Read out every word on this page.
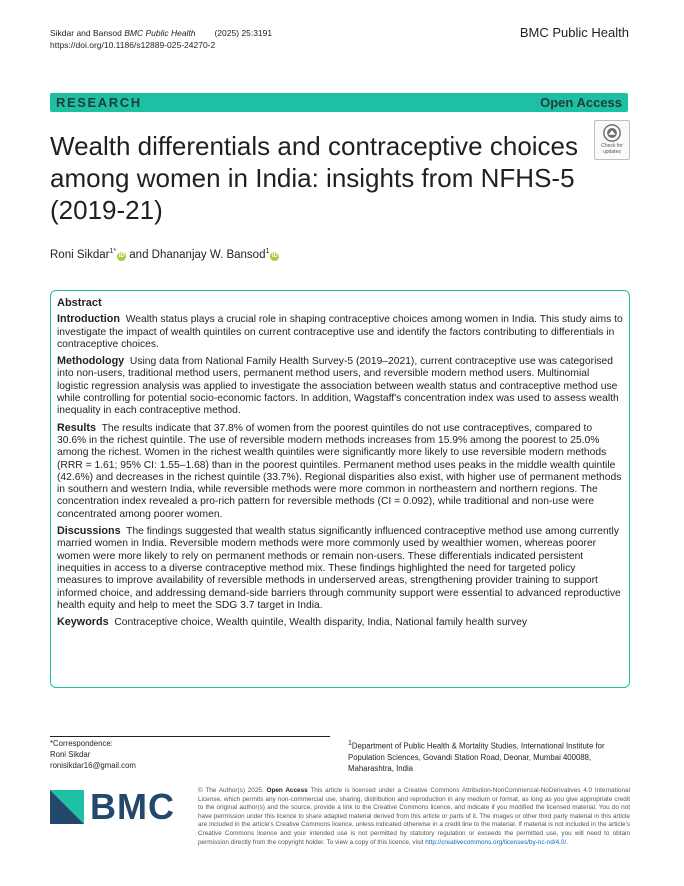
Sikdar and Bansod BMC Public Health (2025) 25:3191
https://doi.org/10.1186/s12889-025-24270-2
BMC Public Health
RESEARCH	Open Access
Check for
updates
Wealth differentials and contraceptive choices among women in India: insights from NFHS-5 (2019-21)
Roni Sikdar$^{1*}$iD and Dhananjay W. Bansod$^1$iD
Abstract

Introduction Wealth status plays a crucial role in shaping contraceptive choices among women in India. This study aims to investigate the impact of wealth quintiles on current contraceptive use and identify the factors contributing to differentials in contraceptive choices.

Methodology Using data from National Family Health Survey-5 (2019–2021), current contraceptive use was categorised into non-users, traditional method users, permanent method users, and reversible modern method users. Multinomial logistic regression analysis was applied to investigate the association between wealth status and contraceptive method use while controlling for potential socio-economic factors. In addition, Wagstaff's concentration index was used to assess wealth inequality in each contraceptive method.

Results The results indicate that 37.8% of women from the poorest quintiles do not use contraceptives, compared to 30.6% in the richest quintile. The use of reversible modern methods increases from 15.9% among the poorest to 25.0% among the richest. Women in the richest wealth quintiles were significantly more likely to use reversible modern methods (RRR = 1.61; 95% CI: 1.55–1.68) than in the poorest quintiles. Permanent method uses peaks in the middle wealth quintile (42.6%) and decreases in the richest quintile (33.7%). Regional disparities also exist, with higher use of permanent methods in southern and western India, while reversible methods were more common in northeastern and northern regions. The concentration index revealed a pro-rich pattern for reversible methods (CI = 0.092), while traditional and non-use were concentrated among poorer women.

Discussions The findings suggested that wealth status significantly influenced contraceptive method use among currently married women in India. Reversible modern methods were more commonly used by wealthier women, whereas poorer women were more likely to rely on permanent methods or remain non-users. These differentials indicated persistent inequities in access to a diverse contraceptive method mix. These findings highlighted the need for targeted policy measures to improve availability of reversible methods in underserved areas, strengthening provider training to support informed choice, and addressing demand-side barriers through community support were essential to advanced reproductive health equity and help to meet the SDG 3.7 target in India.

Keywords Contraceptive choice, Wealth quintile, Wealth disparity, India, National family health survey

*Correspondence:
Roni Sikdar
ronisikdar16@gmail.com
$^1$Department of Public Health & Mortality Studies, International Institute for Population Sciences, Govandi Station Road, Deonar, Mumbai 400088, Maharashtra, India
BMC	© The Author(s) 2025. Open Access This article is licensed under a Creative Commons Attribution-NonCommercial-NoDerivatives 4.0 International License, which permits any non-commercial use, sharing, distribution and reproduction in any medium or format, as long as you give appropriate credit to the original author(s) and the source, provide a link to the Creative Commons licence, and indicate if you modified the licensed material. You do not have permission under this licence to share adapted material derived from this article or parts of it. The images or other third party material in this article are included in the article's Creative Commons licence, unless indicated otherwise in a credit line to the material. If material is not included in the article's Creative Commons licence and your intended use is not permitted by statutory regulation or exceeds the permitted use, you will need to obtain permission directly from the copyright holder. To view a copy of this licence, visit http://creativecommons.org/licenses/by-nc-nd/4.0/.
